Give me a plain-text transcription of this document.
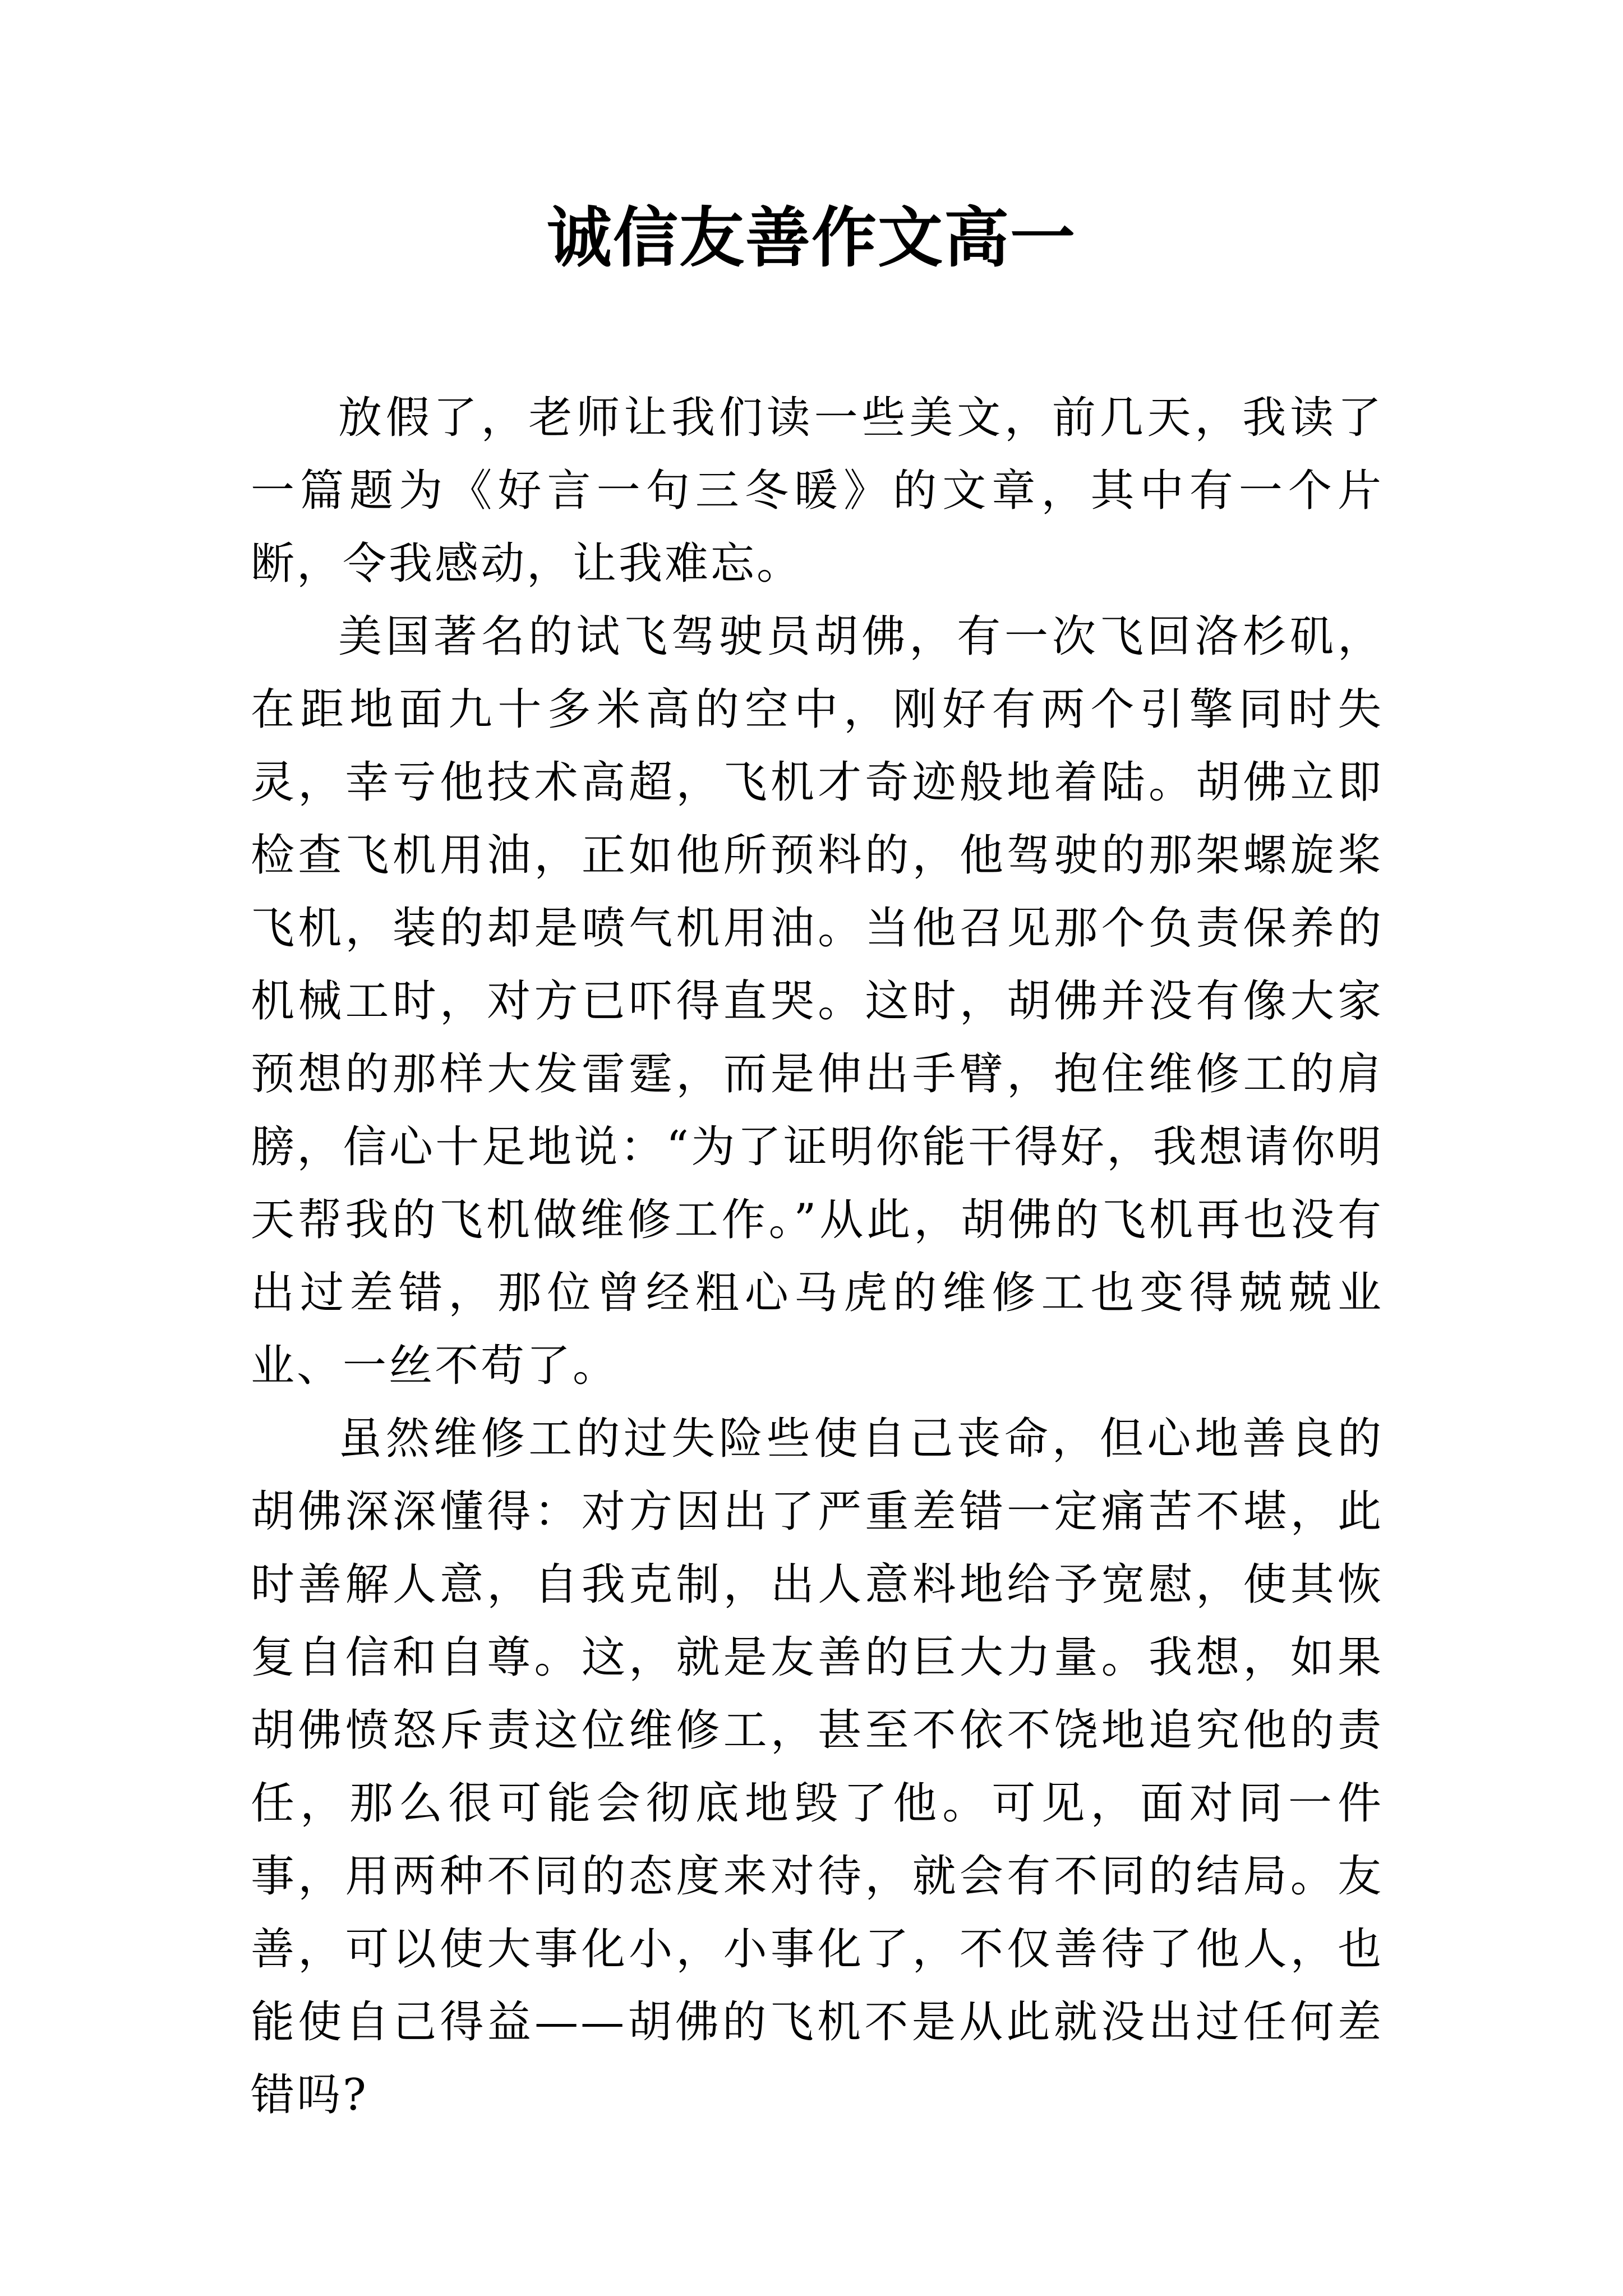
诚信友善作文高一

放假了，老师让我们读一些美文，前几天，我读了一篇题为《好言一句三冬暖》的文章，其中有一个片断，令我感动，让我难忘。

美国著名的试飞驾驶员胡佛，有一次飞回洛杉矶，在距地面九十多米高的空中，刚好有两个引擎同时失灵，幸亏他技术高超，飞机才奇迹般地着陆。胡佛立即检查飞机用油，正如他所预料的，他驾驶的那架螺旋桨飞机，装的却是喷气机用油。当他召见那个负责保养的机械工时，对方已吓得直哭。这时，胡佛并没有像大家预想的那样大发雷霆，而是伸出手臂，抱住维修工的肩膀，信心十足地说：“为了证明你能干得好，我想请你明天帮我的飞机做维修工作。”从此，胡佛的飞机再也没有出过差错，那位曾经粗心马虎的维修工也变得兢兢业业、一丝不苟了。

虽然维修工的过失险些使自己丧命，但心地善良的胡佛深深懂得：对方因出了严重差错一定痛苦不堪，此时善解人意，自我克制，出人意料地给予宽慰，使其恢复自信和自尊。这，就是友善的巨大力量。我想，如果胡佛愤怒斥责这位维修工，甚至不依不饶地追究他的责任，那么很可能会彻底地毁了他。可见，面对同一件事，用两种不同的态度来对待，就会有不同的结局。友善，可以使大事化小，小事化了，不仅善待了他人，也能使自己得益——胡佛的飞机不是从此就没出过任何差错吗?
